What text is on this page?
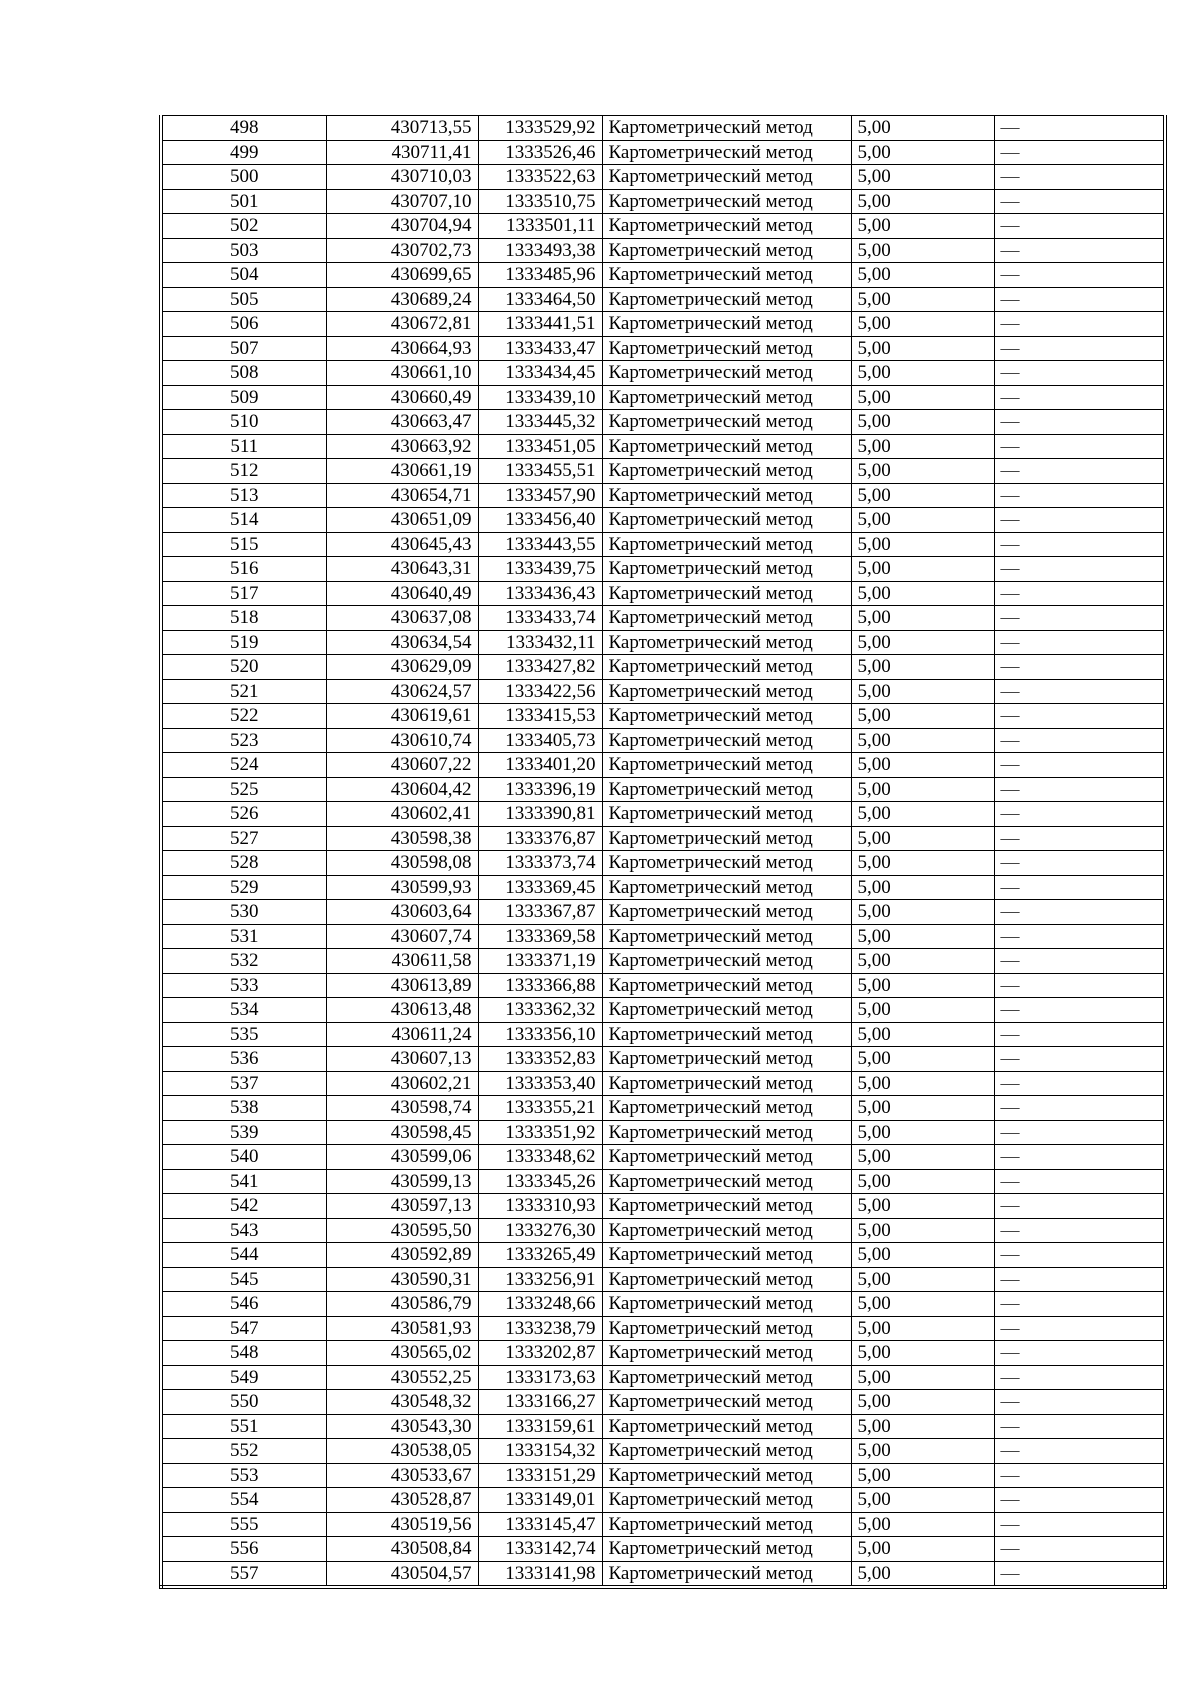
498	430713,55	1333529,92	Картометрический метод	5,00	—
499	430711,41	1333526,46	Картометрический метод	5,00	—
500	430710,03	1333522,63	Картометрический метод	5,00	—
501	430707,10	1333510,75	Картометрический метод	5,00	—
502	430704,94	1333501,11	Картометрический метод	5,00	—
503	430702,73	1333493,38	Картометрический метод	5,00	—
504	430699,65	1333485,96	Картометрический метод	5,00	—
505	430689,24	1333464,50	Картометрический метод	5,00	—
506	430672,81	1333441,51	Картометрический метод	5,00	—
507	430664,93	1333433,47	Картометрический метод	5,00	—
508	430661,10	1333434,45	Картометрический метод	5,00	—
509	430660,49	1333439,10	Картометрический метод	5,00	—
510	430663,47	1333445,32	Картометрический метод	5,00	—
511	430663,92	1333451,05	Картометрический метод	5,00	—
512	430661,19	1333455,51	Картометрический метод	5,00	—
513	430654,71	1333457,90	Картометрический метод	5,00	—
514	430651,09	1333456,40	Картометрический метод	5,00	—
515	430645,43	1333443,55	Картометрический метод	5,00	—
516	430643,31	1333439,75	Картометрический метод	5,00	—
517	430640,49	1333436,43	Картометрический метод	5,00	—
518	430637,08	1333433,74	Картометрический метод	5,00	—
519	430634,54	1333432,11	Картометрический метод	5,00	—
520	430629,09	1333427,82	Картометрический метод	5,00	—
521	430624,57	1333422,56	Картометрический метод	5,00	—
522	430619,61	1333415,53	Картометрический метод	5,00	—
523	430610,74	1333405,73	Картометрический метод	5,00	—
524	430607,22	1333401,20	Картометрический метод	5,00	—
525	430604,42	1333396,19	Картометрический метод	5,00	—
526	430602,41	1333390,81	Картометрический метод	5,00	—
527	430598,38	1333376,87	Картометрический метод	5,00	—
528	430598,08	1333373,74	Картометрический метод	5,00	—
529	430599,93	1333369,45	Картометрический метод	5,00	—
530	430603,64	1333367,87	Картометрический метод	5,00	—
531	430607,74	1333369,58	Картометрический метод	5,00	—
532	430611,58	1333371,19	Картометрический метод	5,00	—
533	430613,89	1333366,88	Картометрический метод	5,00	—
534	430613,48	1333362,32	Картометрический метод	5,00	—
535	430611,24	1333356,10	Картометрический метод	5,00	—
536	430607,13	1333352,83	Картометрический метод	5,00	—
537	430602,21	1333353,40	Картометрический метод	5,00	—
538	430598,74	1333355,21	Картометрический метод	5,00	—
539	430598,45	1333351,92	Картометрический метод	5,00	—
540	430599,06	1333348,62	Картометрический метод	5,00	—
541	430599,13	1333345,26	Картометрический метод	5,00	—
542	430597,13	1333310,93	Картометрический метод	5,00	—
543	430595,50	1333276,30	Картометрический метод	5,00	—
544	430592,89	1333265,49	Картометрический метод	5,00	—
545	430590,31	1333256,91	Картометрический метод	5,00	—
546	430586,79	1333248,66	Картометрический метод	5,00	—
547	430581,93	1333238,79	Картометрический метод	5,00	—
548	430565,02	1333202,87	Картометрический метод	5,00	—
549	430552,25	1333173,63	Картометрический метод	5,00	—
550	430548,32	1333166,27	Картометрический метод	5,00	—
551	430543,30	1333159,61	Картометрический метод	5,00	—
552	430538,05	1333154,32	Картометрический метод	5,00	—
553	430533,67	1333151,29	Картометрический метод	5,00	—
554	430528,87	1333149,01	Картометрический метод	5,00	—
555	430519,56	1333145,47	Картометрический метод	5,00	—
556	430508,84	1333142,74	Картометрический метод	5,00	—
557	430504,57	1333141,98	Картометрический метод	5,00	—
